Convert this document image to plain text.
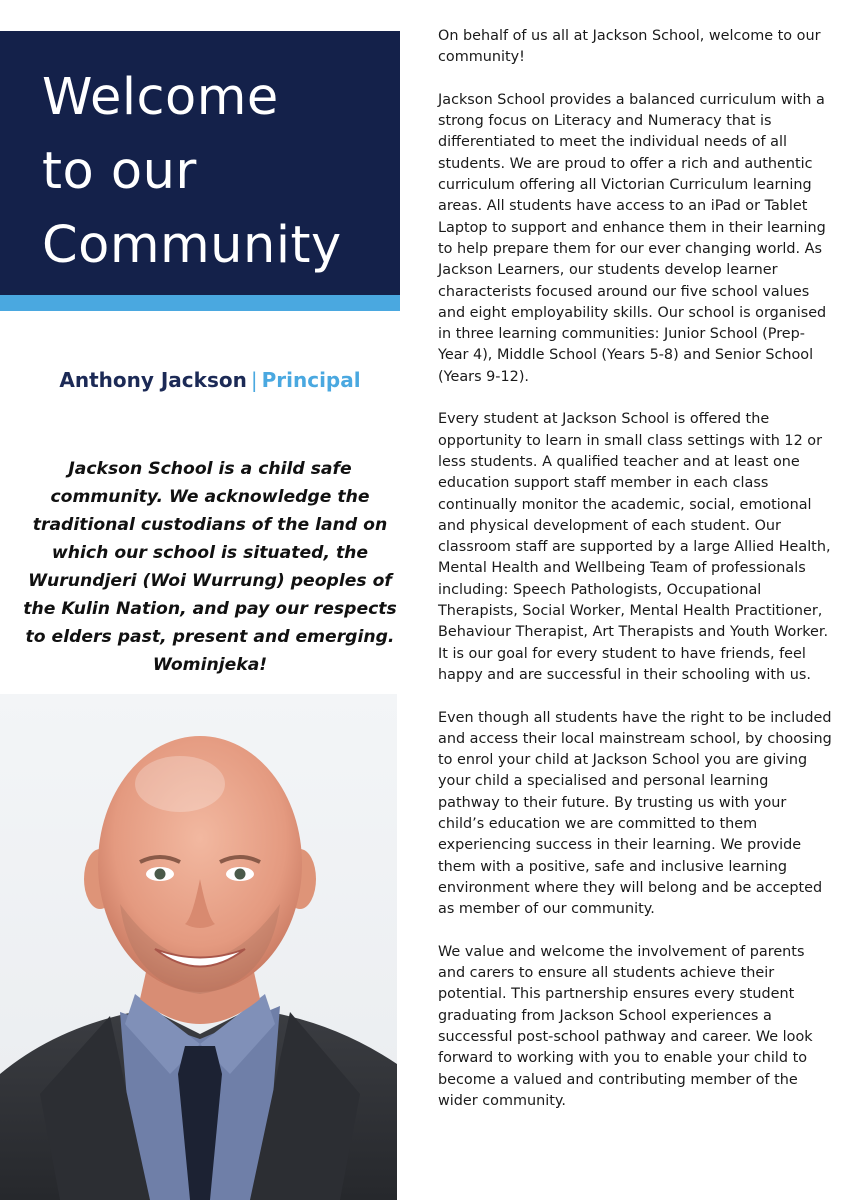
Welcome
to our
Community
Anthony Jackson | Principal
Jackson School is a child safe community. We acknowledge the traditional custodians of the land on which our school is situated, the Wurundjeri (Woi Wurrung) peoples of the Kulin Nation, and pay our respects to elders past, present and emerging. Wominjeka!

On behalf of us all at Jackson School, welcome to our community!

Jackson School provides a balanced curriculum with a strong focus on Literacy and Numeracy that is differentiated to meet the individual needs of all students. We are proud to offer a rich and authentic curriculum offering all Victorian Curriculum learning areas. All students have access to an iPad or Tablet Laptop to support and enhance them in their learning to help prepare them for our ever changing world. As Jackson Learners, our students develop learner characterists focused around our five school values and eight employability skills. Our school is organised in three learning communities: Junior School (Prep-Year 4), Middle School (Years 5-8) and Senior School (Years 9-12).

Every student at Jackson School is offered the opportunity to learn in small class settings with 12 or less students. A qualified teacher and at least one education support staff member in each class continually monitor the academic, social, emotional and physical development of each student. Our classroom staff are supported by a large Allied Health, Mental Health and Wellbeing Team of professionals including: Speech Pathologists, Occupational Therapists, Social Worker, Mental Health Practitioner, Behaviour Therapist, Art Therapists and Youth Worker. It is our goal for every student to have friends, feel happy and are successful in their schooling with us.

Even though all students have the right to be included and access their local mainstream school, by choosing to enrol your child at Jackson School you are giving your child a specialised and personal learning pathway to their future. By trusting us with your child’s education we are committed to them experiencing success in their learning. We provide them with a positive, safe and inclusive learning environment where they will belong and be accepted as member of our community.

We value and welcome the involvement of parents and carers to ensure all students achieve their potential. This partnership ensures every student graduating from Jackson School experiences a successful post-school pathway and career. We look forward to working with you to enable your child to become a valued and contributing member of the wider community.
